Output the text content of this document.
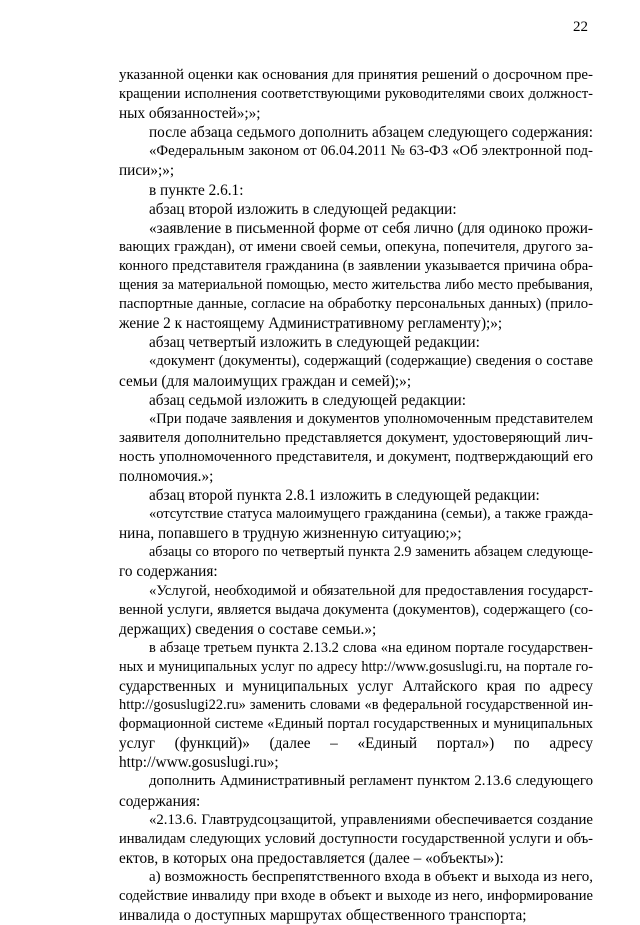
22
указанной оценки как основания для принятия решений о досрочном пре-
кращении исполнения соответствующими руководителями своих должност-
ных обязанностей»;»;
после абзаца седьмого дополнить абзацем следующего содержания:
«Федеральным законом от 06.04.2011 № 63-ФЗ «Об электронной под-
писи»;»;
в пункте 2.6.1:
абзац второй изложить в следующей редакции:
«заявление в письменной форме от себя лично (для одиноко прожи-
вающих граждан), от имени своей семьи, опекуна, попечителя, другого за-
конного представителя гражданина (в заявлении указывается причина обра-
щения за материальной помощью, место жительства либо место пребывания,
паспортные данные, согласие на обработку персональных данных) (прило-
жение 2 к настоящему Административному регламенту);»;
абзац четвертый изложить в следующей редакции:
«документ (документы), содержащий (содержащие) сведения о составе
семьи (для малоимущих граждан и семей);»;
абзац седьмой изложить в следующей редакции:
«При подаче заявления и документов уполномоченным представителем
заявителя дополнительно представляется документ, удостоверяющий лич-
ность уполномоченного представителя, и документ, подтверждающий его
полномочия.»;
абзац второй пункта 2.8.1 изложить в следующей редакции:
«отсутствие статуса малоимущего гражданина (семьи), а также гражда-
нина, попавшего в трудную жизненную ситуацию;»;
абзацы со второго по четвертый пункта 2.9 заменить абзацем следующе-
го содержания:
«Услугой, необходимой и обязательной для предоставления государст-
венной услуги, является выдача документа (документов), содержащего (со-
держащих) сведения о составе семьи.»;
в абзаце третьем пункта 2.13.2 слова «на едином портале государствен-
ных и муниципальных услуг по адресу http://www.gosuslugi.ru, на портале го-
сударственных и муниципальных услуг Алтайского края по адресу
http://gosuslugi22.ru» заменить словами «в федеральной государственной ин-
формационной системе «Единый портал государственных и муниципальных
услуг (функций)» (далее – «Единый портал») по адресу
http://www.gosuslugi.ru»;
дополнить Административный регламент пунктом 2.13.6 следующего
содержания:
«2.13.6. Главтрудсоцзащитой, управлениями обеспечивается создание
инвалидам следующих условий доступности государственной услуги и объ-
ектов, в которых она предоставляется (далее – «объекты»):
а) возможность беспрепятственного входа в объект и выхода из него,
содействие инвалиду при входе в объект и выходе из него, информирование
инвалида о доступных маршрутах общественного транспорта;
